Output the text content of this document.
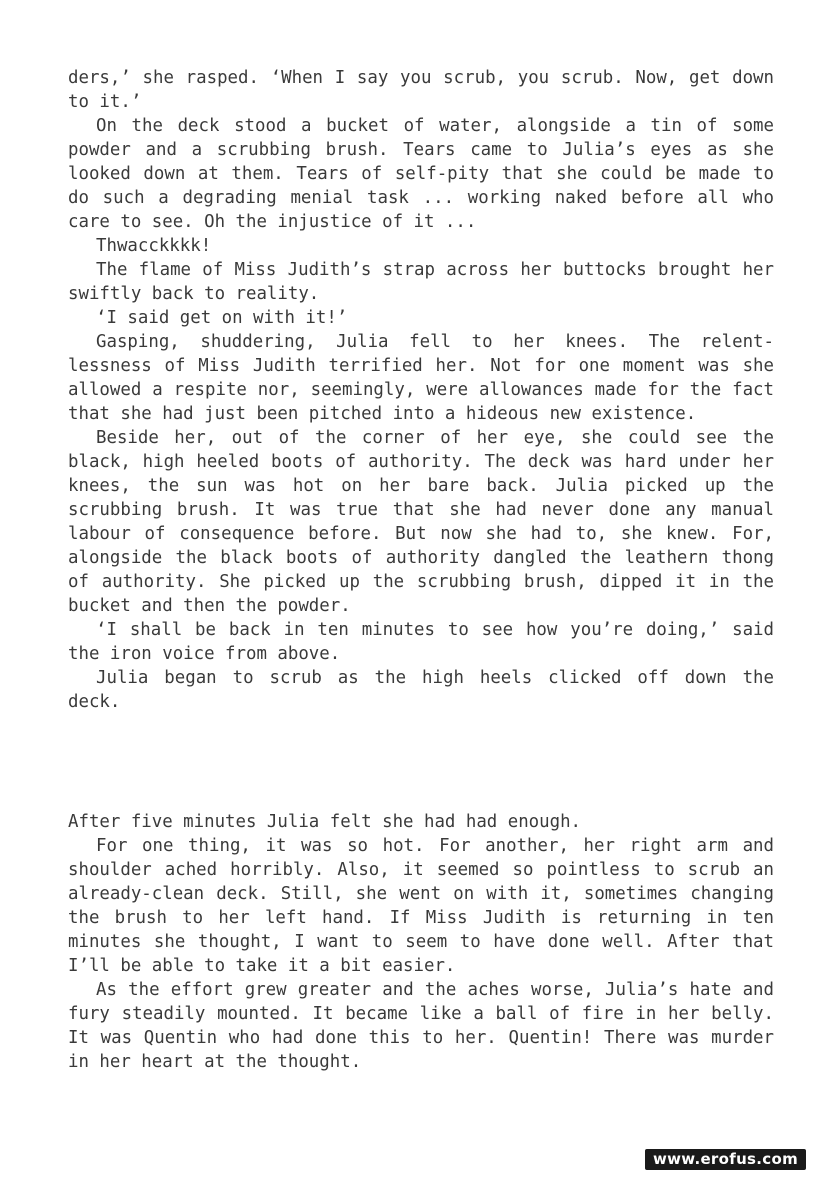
ders,’ she rasped. ‘When I say you scrub, you scrub. Now, get down to it.’

On the deck stood a bucket of water, alongside a tin of some powder and a scrubbing brush. Tears came to Julia’s eyes as she looked down at them. Tears of self-pity that she could be made to do such a degrading menial task ... working naked before all who care to see. Oh the injustice of it ...

Thwacckkkk!

The flame of Miss Judith’s strap across her buttocks brought her swiftly back to reality.

‘I said get on with it!’

Gasping, shuddering, Julia fell to her knees. The relent-lessness of Miss Judith terrified her. Not for one moment was she allowed a respite nor, seemingly, were allowances made for the fact that she had just been pitched into a hideous new existence.

Beside her, out of the corner of her eye, she could see the black, high heeled boots of authority. The deck was hard under her knees, the sun was hot on her bare back. Julia picked up the scrubbing brush. It was true that she had never done any manual labour of consequence before. But now she had to, she knew. For, alongside the black boots of authority dangled the leathern thong of authority. She picked up the scrubbing brush, dipped it in the bucket and then the powder.

‘I shall be back in ten minutes to see how you’re doing,’ said the iron voice from above.

Julia began to scrub as the high heels clicked off down the deck.

After five minutes Julia felt she had had enough.

For one thing, it was so hot. For another, her right arm and shoulder ached horribly. Also, it seemed so pointless to scrub an already-clean deck. Still, she went on with it, sometimes changing the brush to her left hand. If Miss Judith is returning in ten minutes she thought, I want to seem to have done well. After that I’ll be able to take it a bit easier.

As the effort grew greater and the aches worse, Julia’s hate and fury steadily mounted. It became like a ball of fire in her belly. It was Quentin who had done this to her. Quentin! There was murder in her heart at the thought.

www.erofus.com
